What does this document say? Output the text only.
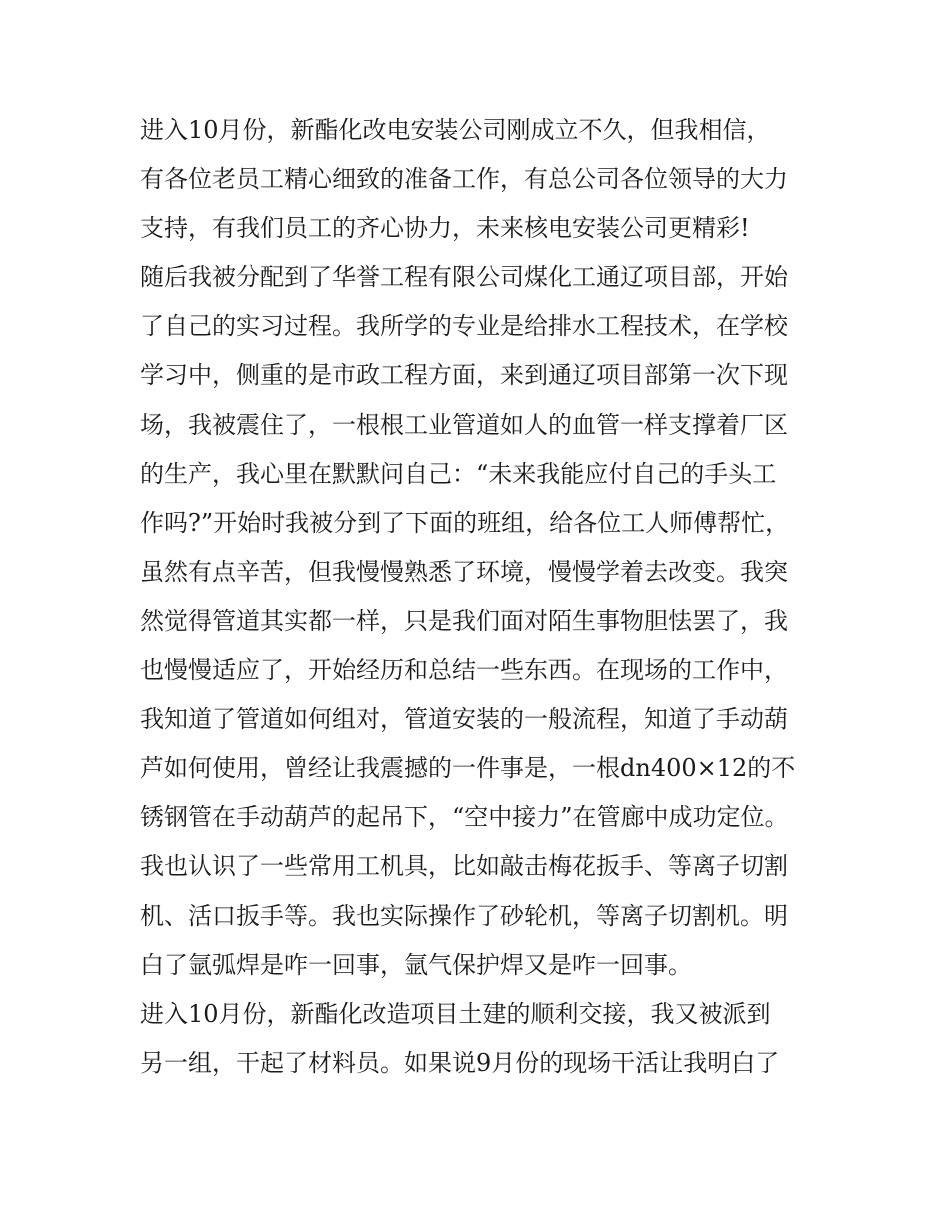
进入10月份，新酯化改电安装公司刚成立不久，但我相信，
有各位老员工精心细致的准备工作，有总公司各位领导的大力
支持，有我们员工的齐心协力，未来核电安装公司更精彩!
随后我被分配到了华誉工程有限公司煤化工通辽项目部，开始
了自己的实习过程。我所学的专业是给排水工程技术，在学校
学习中，侧重的是市政工程方面，来到通辽项目部第一次下现
场，我被震住了，一根根工业管道如人的血管一样支撑着厂区
的生产，我心里在默默问自己：“未来我能应付自己的手头工
作吗?”开始时我被分到了下面的班组，给各位工人师傅帮忙，
虽然有点辛苦，但我慢慢熟悉了环境，慢慢学着去改变。我突
然觉得管道其实都一样，只是我们面对陌生事物胆怯罢了，我
也慢慢适应了，开始经历和总结一些东西。在现场的工作中，
我知道了管道如何组对，管道安装的一般流程，知道了手动葫
芦如何使用，曾经让我震撼的一件事是，一根dn400×12的不
锈钢管在手动葫芦的起吊下，“空中接力”在管廊中成功定位。
我也认识了一些常用工机具，比如敲击梅花扳手、等离子切割
机、活口扳手等。我也实际操作了砂轮机，等离子切割机。明
白了氩弧焊是咋一回事，氩气保护焊又是咋一回事。
进入10月份，新酯化改造项目土建的顺利交接，我又被派到
另一组，干起了材料员。如果说9月份的现场干活让我明白了
